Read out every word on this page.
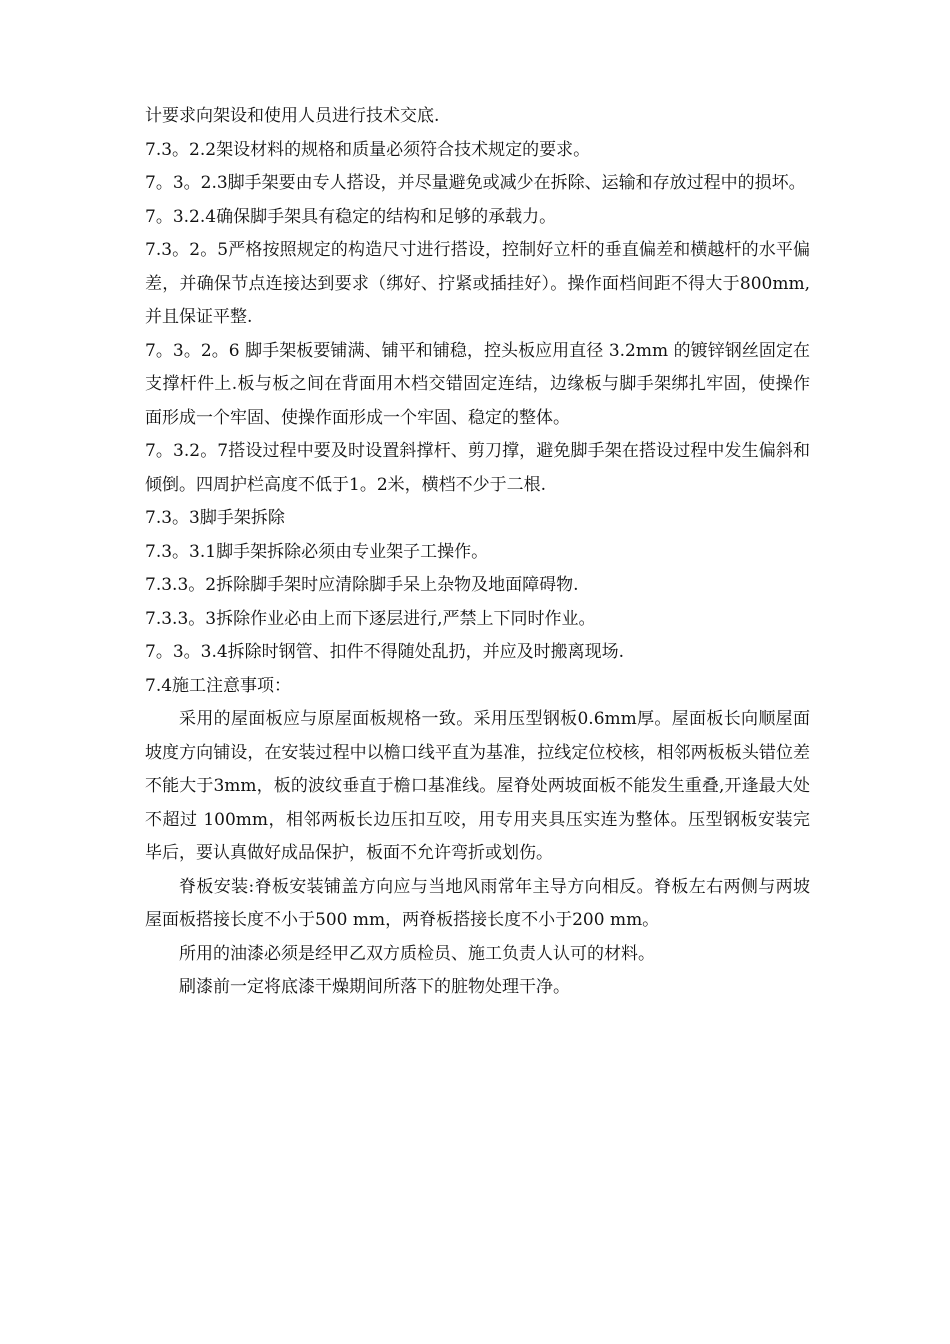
计要求向架设和使用人员进行技术交底.

7.3。2.2架设材料的规格和质量必须符合技术规定的要求。

7。3。2.3脚手架要由专人搭设，并尽量避免或减少在拆除、运输和存放过程中的损坏。

7。3.2.4确保脚手架具有稳定的结构和足够的承载力。

7.3。2。5严格按照规定的构造尺寸进行搭设，控制好立杆的垂直偏差和横越杆的水平偏差，并确保节点连接达到要求（绑好、拧紧或插挂好）。操作面档间距不得大于800mm,并且保证平整.

7。3。2。6 脚手架板要铺满、铺平和铺稳，控头板应用直径 3.2mm 的镀锌钢丝固定在支撑杆件上.板与板之间在背面用木档交错固定连结，边缘板与脚手架绑扎牢固，使操作面形成一个牢固、使操作面形成一个牢固、稳定的整体。

7。3.2。7搭设过程中要及时设置斜撑杆、剪刀撑，避免脚手架在搭设过程中发生偏斜和倾倒。四周护栏高度不低于1。2米，横档不少于二根.

7.3。3脚手架拆除

7.3。3.1脚手架拆除必须由专业架子工操作。

7.3.3。2拆除脚手架时应清除脚手呆上杂物及地面障碍物.

7.3.3。3拆除作业必由上而下逐层进行,严禁上下同时作业。

7。3。3.4拆除时钢管、扣件不得随处乱扔，并应及时搬离现场.

7.4施工注意事项：

采用的屋面板应与原屋面板规格一致。采用压型钢板0.6mm厚。屋面板长向顺屋面坡度方向铺设，在安装过程中以檐口线平直为基准，拉线定位校核，相邻两板板头错位差不能大于3mm，板的波纹垂直于檐口基准线。屋脊处两坡面板不能发生重叠,开逢最大处不超过 100mm，相邻两板长边压扣互咬，用专用夹具压实连为整体。压型钢板安装完毕后，要认真做好成品保护，板面不允许弯折或划伤。

脊板安装:脊板安装铺盖方向应与当地风雨常年主导方向相反。脊板左右两侧与两坡屋面板搭接长度不小于500 mm，两脊板搭接长度不小于200 mm。

所用的油漆必须是经甲乙双方质检员、施工负责人认可的材料。

刷漆前一定将底漆干燥期间所落下的脏物处理干净。
